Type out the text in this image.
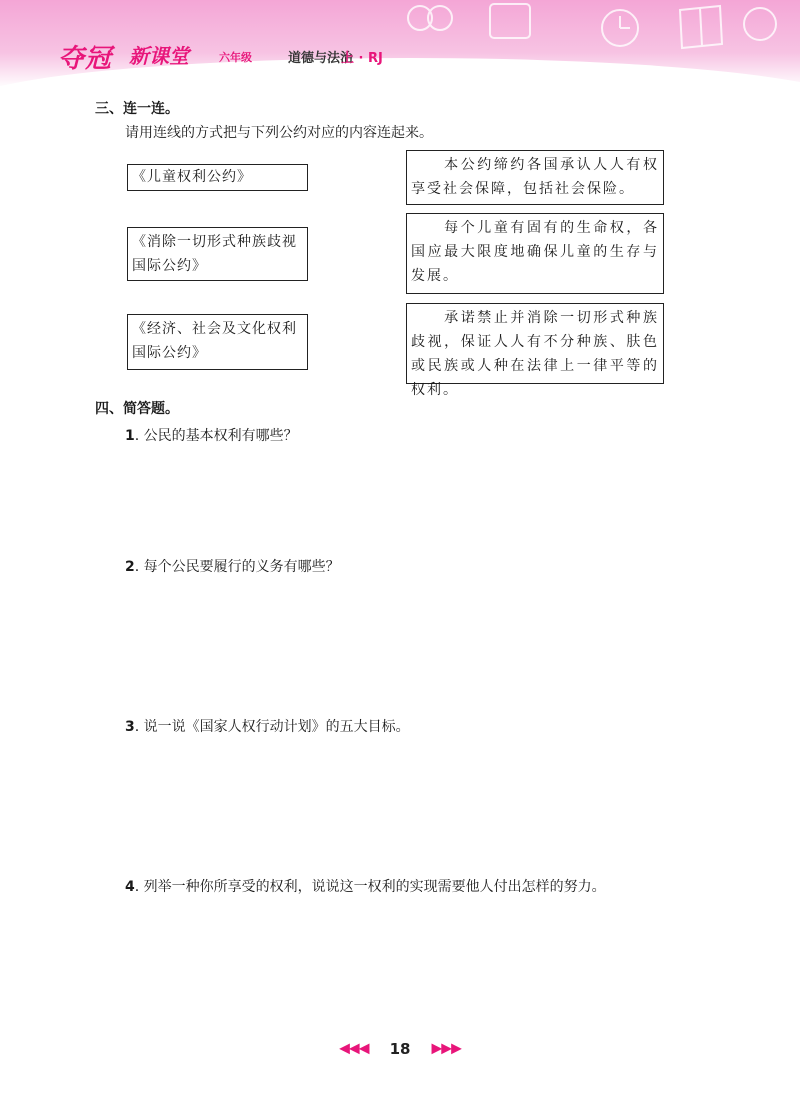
夺冠 新课堂	六年级	道德与法治
上 · RJ
三、连一连。
请用连线的方式把与下列公约对应的内容连起来。
《儿童权利公约》
《消除一切形式种族歧视国际公约》
《经济、社会及文化权利国际公约》
　　本公约缔约各国承认人人有权享受社会保障，包括社会保险。
　　每个儿童有固有的生命权，各国应最大限度地确保儿童的生存与发展。
　　承诺禁止并消除一切形式种族歧视，保证人人有不分种族、肤色或民族或人种在法律上一律平等的权利。
四、简答题。
1. 公民的基本权利有哪些？
2. 每个公民要履行的义务有哪些？
3. 说一说《国家人权行动计划》的五大目标。
4. 列举一种你所享受的权利，说说这一权利的实现需要他人付出怎样的努力。
◀◀◀ 18 ▶▶▶
